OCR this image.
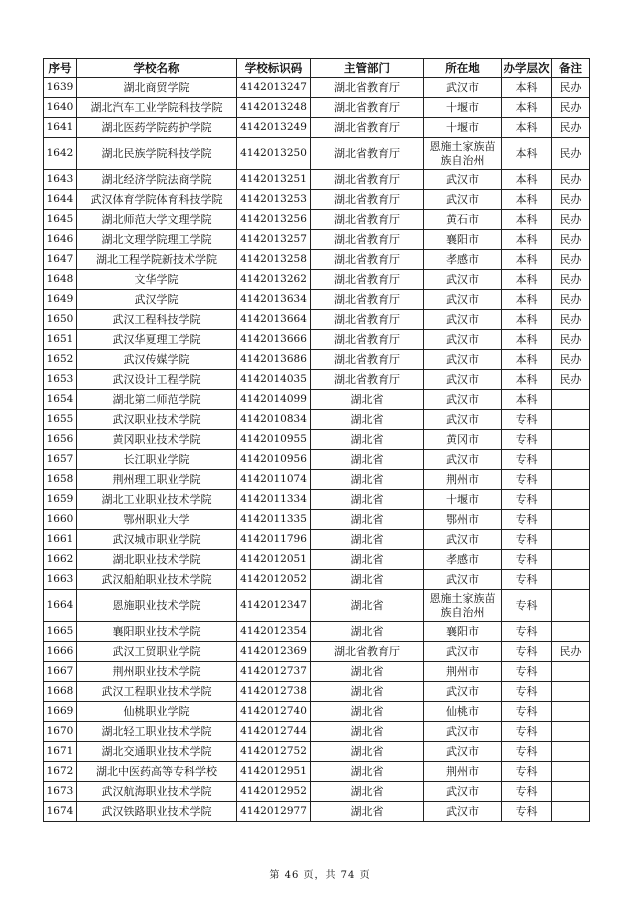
序号	学校名称	学校标识码	主管部门	所在地	办学层次	备注
1639	湖北商贸学院	4142013247	湖北省教育厅	武汉市	本科	民办
1640	湖北汽车工业学院科技学院	4142013248	湖北省教育厅	十堰市	本科	民办
1641	湖北医药学院药护学院	4142013249	湖北省教育厅	十堰市	本科	民办
1642	湖北民族学院科技学院	4142013250	湖北省教育厅	恩施土家族苗族自治州	本科	民办
1643	湖北经济学院法商学院	4142013251	湖北省教育厅	武汉市	本科	民办
1644	武汉体育学院体育科技学院	4142013253	湖北省教育厅	武汉市	本科	民办
1645	湖北师范大学文理学院	4142013256	湖北省教育厅	黄石市	本科	民办
1646	湖北文理学院理工学院	4142013257	湖北省教育厅	襄阳市	本科	民办
1647	湖北工程学院新技术学院	4142013258	湖北省教育厅	孝感市	本科	民办
1648	文华学院	4142013262	湖北省教育厅	武汉市	本科	民办
1649	武汉学院	4142013634	湖北省教育厅	武汉市	本科	民办
1650	武汉工程科技学院	4142013664	湖北省教育厅	武汉市	本科	民办
1651	武汉华夏理工学院	4142013666	湖北省教育厅	武汉市	本科	民办
1652	武汉传媒学院	4142013686	湖北省教育厅	武汉市	本科	民办
1653	武汉设计工程学院	4142014035	湖北省教育厅	武汉市	本科	民办
1654	湖北第二师范学院	4142014099	湖北省	武汉市	本科	
1655	武汉职业技术学院	4142010834	湖北省	武汉市	专科	
1656	黄冈职业技术学院	4142010955	湖北省	黄冈市	专科	
1657	长江职业学院	4142010956	湖北省	武汉市	专科	
1658	荆州理工职业学院	4142011074	湖北省	荆州市	专科	
1659	湖北工业职业技术学院	4142011334	湖北省	十堰市	专科	
1660	鄂州职业大学	4142011335	湖北省	鄂州市	专科	
1661	武汉城市职业学院	4142011796	湖北省	武汉市	专科	
1662	湖北职业技术学院	4142012051	湖北省	孝感市	专科	
1663	武汉船舶职业技术学院	4142012052	湖北省	武汉市	专科	
1664	恩施职业技术学院	4142012347	湖北省	恩施土家族苗族自治州	专科	
1665	襄阳职业技术学院	4142012354	湖北省	襄阳市	专科	
1666	武汉工贸职业学院	4142012369	湖北省教育厅	武汉市	专科	民办
1667	荆州职业技术学院	4142012737	湖北省	荆州市	专科	
1668	武汉工程职业技术学院	4142012738	湖北省	武汉市	专科	
1669	仙桃职业学院	4142012740	湖北省	仙桃市	专科	
1670	湖北轻工职业技术学院	4142012744	湖北省	武汉市	专科	
1671	湖北交通职业技术学院	4142012752	湖北省	武汉市	专科	
1672	湖北中医药高等专科学校	4142012951	湖北省	荆州市	专科	
1673	武汉航海职业技术学院	4142012952	湖北省	武汉市	专科	
1674	武汉铁路职业技术学院	4142012977	湖北省	武汉市	专科	
第 46 页，共 74 页
